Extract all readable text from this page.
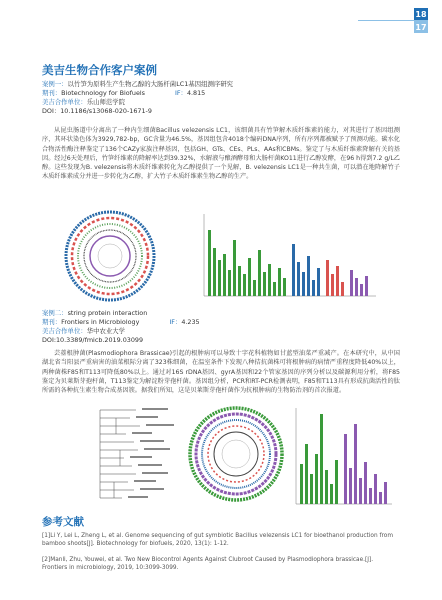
18
17
美吉生物合作客户案例
案例一：以竹笋为原料生产生物乙醇的大肠杆菌LC1基因组测序研究
期刊：Biotechnology for Biofuels	IF：4.815
美吉合作单位：乐山师范学院
DOI：10.1186/s13068-020-1671-9
从昆虫肠道中分离出了一种内生细菌Bacillus velezensis LC1，该细菌具有竹笋解木质纤维素的能力，对其进行了基因组测序，其环状染色体为3929,782-bp，GC含量为46.5%，基因组包含4018个编码DNA序列，所有序列都被赋予了预测功能。碳水化合物活性酶注释鉴定了136个CAZy家族注释基因，包括GH、GTs、CEs、PLs、AAs和CBMs。鉴定了与木质纤维素降解有关的基因。经过6天处理后，竹笋纤维素的降解率达到39.32%，水解液与酿酒酵母和大肠杆菌KO11进行乙醇发酵，在96 h得到7.2 g/L乙醇。这些发现为B. velezensis将木质纤维素转化为乙醇提供了一个见解，B. velezensis LC1是一种共生菌，可以潜在地降解竹子木质纤维素成分并进一步转化为乙醇，扩大竹子木质纤维素生物乙醇的生产。
案例二：string protein interaction
期刊：Frontiers in Microbiology	IF：4.235
美吉合作单位：华中农业大学
DOI:10.3389/fmicb.2019.03099
芸薹根肿菌(Plasmodiophora Brassicae)引起的根肿病可以导致十字花科植物如甘蓝型油菜严重减产。在本研究中，从中国湖北省当阳县严重病害的油菜根际分离了323株细菌，在温室条件下发现八种拮抗菌株可将根肿病的病情严重程度降低40%以上，两种菌株F85和T113可降低80%以上。通过对16S rDNA基因、gyrA基因和22个管家基因的序列分析以及碳源利用分析，将F85鉴定为贝莱斯芽孢杆菌，T113鉴定为解淀粉芽孢杆菌。基因组分析，PCR和RT-PCR检测表明，F85和T113具有形成抗菌活性的肽所需的各种抗生素生物合成基因簇。据我们所知，这是贝莱斯芽孢杆菌作为抗根肿病的生物防治剂的首次报道。
参考文献
[1]Li Y, Lei L, Zheng L, et al. Genome sequencing of gut symbiotic Bacillus velezensis LC1 for bioethanol production from bamboo shoots[J]. Biotechnology for biofuels, 2020, 13(1): 1-12.
[2]Manli, Zhu, Youwei, et al. Two New Biocontrol Agents Against Clubroot Caused by Plasmodiophora brassicae.[J]. Frontiers in microbiology, 2019, 10:3099-3099.
